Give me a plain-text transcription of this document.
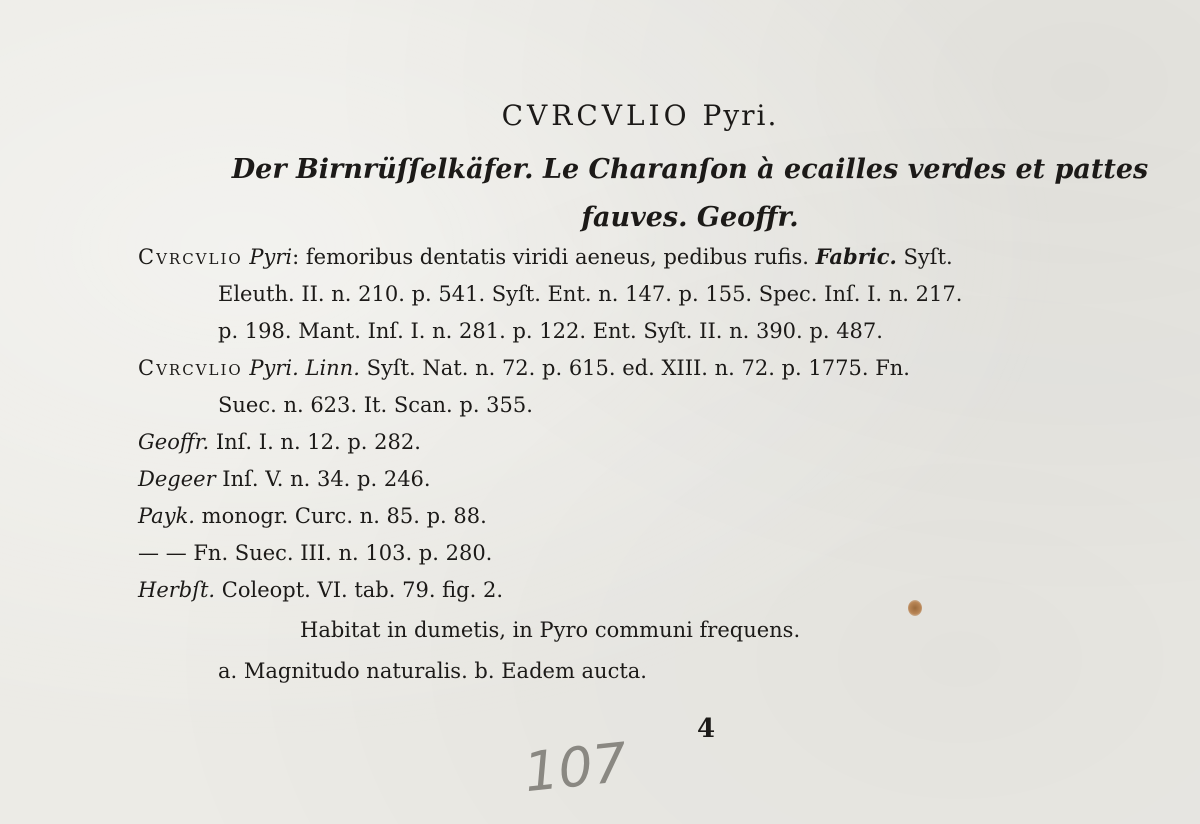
CVRCVLIO Pyri.
Der Birnrüſſelkäfer. Le Charanſon à ecailles verdes et pattes
fauves. Geoffr.
Cvrcvlio Pyri: femoribus dentatis viridi aeneus, pedibus rufis. Fabric. Syſt.
Eleuth. II. n. 210. p. 541. Syſt. Ent. n. 147. p. 155. Spec. Inſ. I. n. 217.
p. 198. Mant. Inſ. I. n. 281. p. 122. Ent. Syſt. II. n. 390. p. 487.
Cvrcvlio Pyri. Linn. Syſt. Nat. n. 72. p. 615. ed. XIII. n. 72. p. 1775. Fn.
Suec. n. 623. It. Scan. p. 355.
Geoffr. Inſ. I. n. 12. p. 282.
Degeer Inſ. V. n. 34. p. 246.
Payk. monogr. Curc. n. 85. p. 88.
— — Fn. Suec. III. n. 103. p. 280.
Herbſt. Coleopt. VI. tab. 79. fig. 2.
Habitat in dumetis, in Pyro communi frequens.
a. Magnitudo naturalis. b. Eadem aucta.
4
107
